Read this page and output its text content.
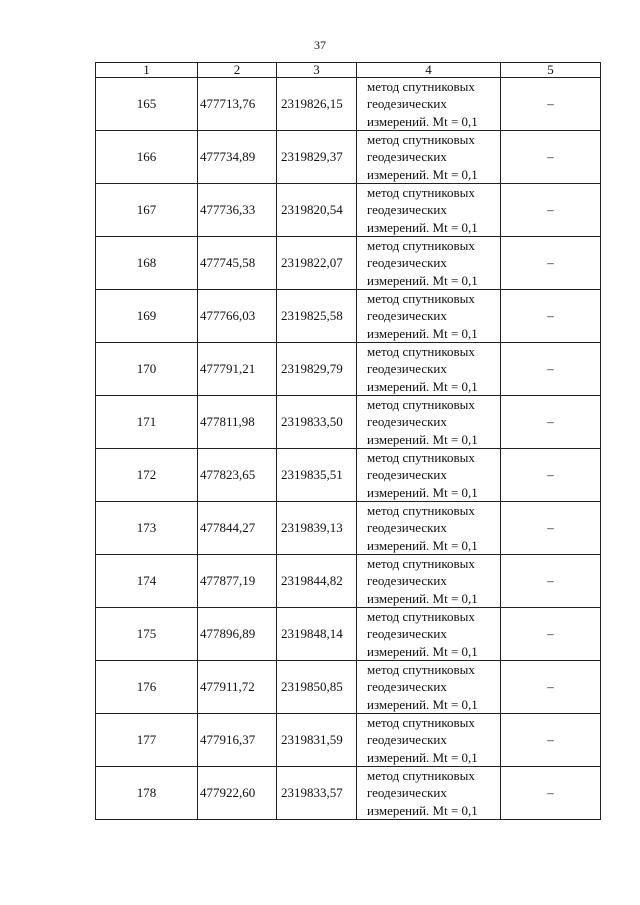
37
1	2	3	4	5
165	477713,76	2319826,15	метод спутниковых
геодезических
измерений. Mt = 0,1	–
166	477734,89	2319829,37	метод спутниковых
геодезических
измерений. Mt = 0,1	–
167	477736,33	2319820,54	метод спутниковых
геодезических
измерений. Mt = 0,1	–
168	477745,58	2319822,07	метод спутниковых
геодезических
измерений. Mt = 0,1	–
169	477766,03	2319825,58	метод спутниковых
геодезических
измерений. Mt = 0,1	–
170	477791,21	2319829,79	метод спутниковых
геодезических
измерений. Mt = 0,1	–
171	477811,98	2319833,50	метод спутниковых
геодезических
измерений. Mt = 0,1	–
172	477823,65	2319835,51	метод спутниковых
геодезических
измерений. Mt = 0,1	–
173	477844,27	2319839,13	метод спутниковых
геодезических
измерений. Mt = 0,1	–
174	477877,19	2319844,82	метод спутниковых
геодезических
измерений. Mt = 0,1	–
175	477896,89	2319848,14	метод спутниковых
геодезических
измерений. Mt = 0,1	–
176	477911,72	2319850,85	метод спутниковых
геодезических
измерений. Mt = 0,1	–
177	477916,37	2319831,59	метод спутниковых
геодезических
измерений. Mt = 0,1	–
178	477922,60	2319833,57	метод спутниковых
геодезических
измерений. Mt = 0,1	–
